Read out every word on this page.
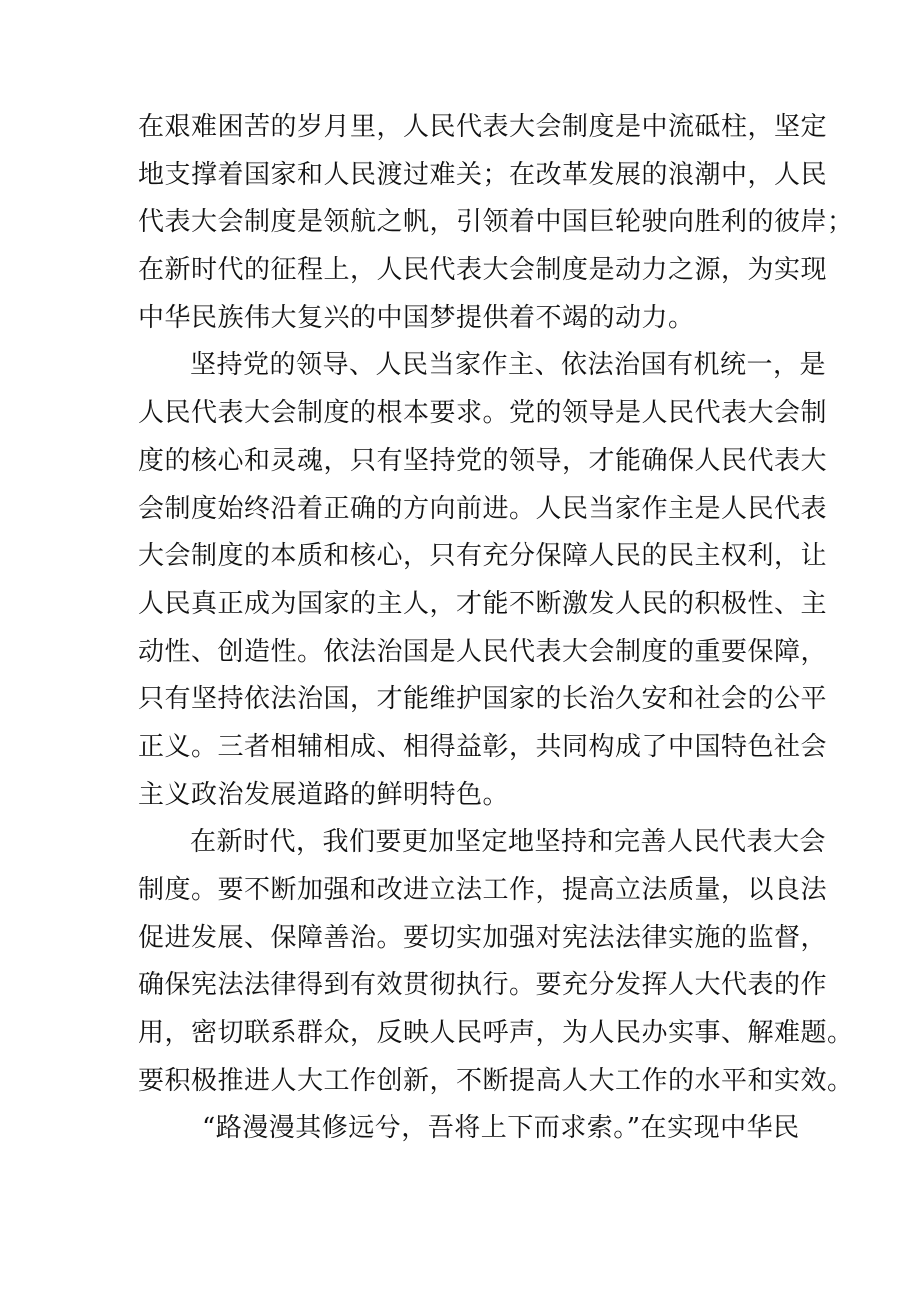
在艰难困苦的岁月里，人民代表大会制度是中流砥柱，坚定
地支撑着国家和人民渡过难关；在改革发展的浪潮中，人民
代表大会制度是领航之帆，引领着中国巨轮驶向胜利的彼岸；
在新时代的征程上，人民代表大会制度是动力之源，为实现
中华民族伟大复兴的中国梦提供着不竭的动力。
坚持党的领导、人民当家作主、依法治国有机统一，是
人民代表大会制度的根本要求。党的领导是人民代表大会制
度的核心和灵魂，只有坚持党的领导，才能确保人民代表大
会制度始终沿着正确的方向前进。人民当家作主是人民代表
大会制度的本质和核心，只有充分保障人民的民主权利，让
人民真正成为国家的主人，才能不断激发人民的积极性、主
动性、创造性。依法治国是人民代表大会制度的重要保障，
只有坚持依法治国，才能维护国家的长治久安和社会的公平
正义。三者相辅相成、相得益彰，共同构成了中国特色社会
主义政治发展道路的鲜明特色。
在新时代，我们要更加坚定地坚持和完善人民代表大会
制度。要不断加强和改进立法工作，提高立法质量，以良法
促进发展、保障善治。要切实加强对宪法法律实施的监督，
确保宪法法律得到有效贯彻执行。要充分发挥人大代表的作
用，密切联系群众，反映人民呼声，为人民办实事、解难题。
要积极推进人大工作创新，不断提高人大工作的水平和实效。
“路漫漫其修远兮，吾将上下而求索。”在实现中华民
